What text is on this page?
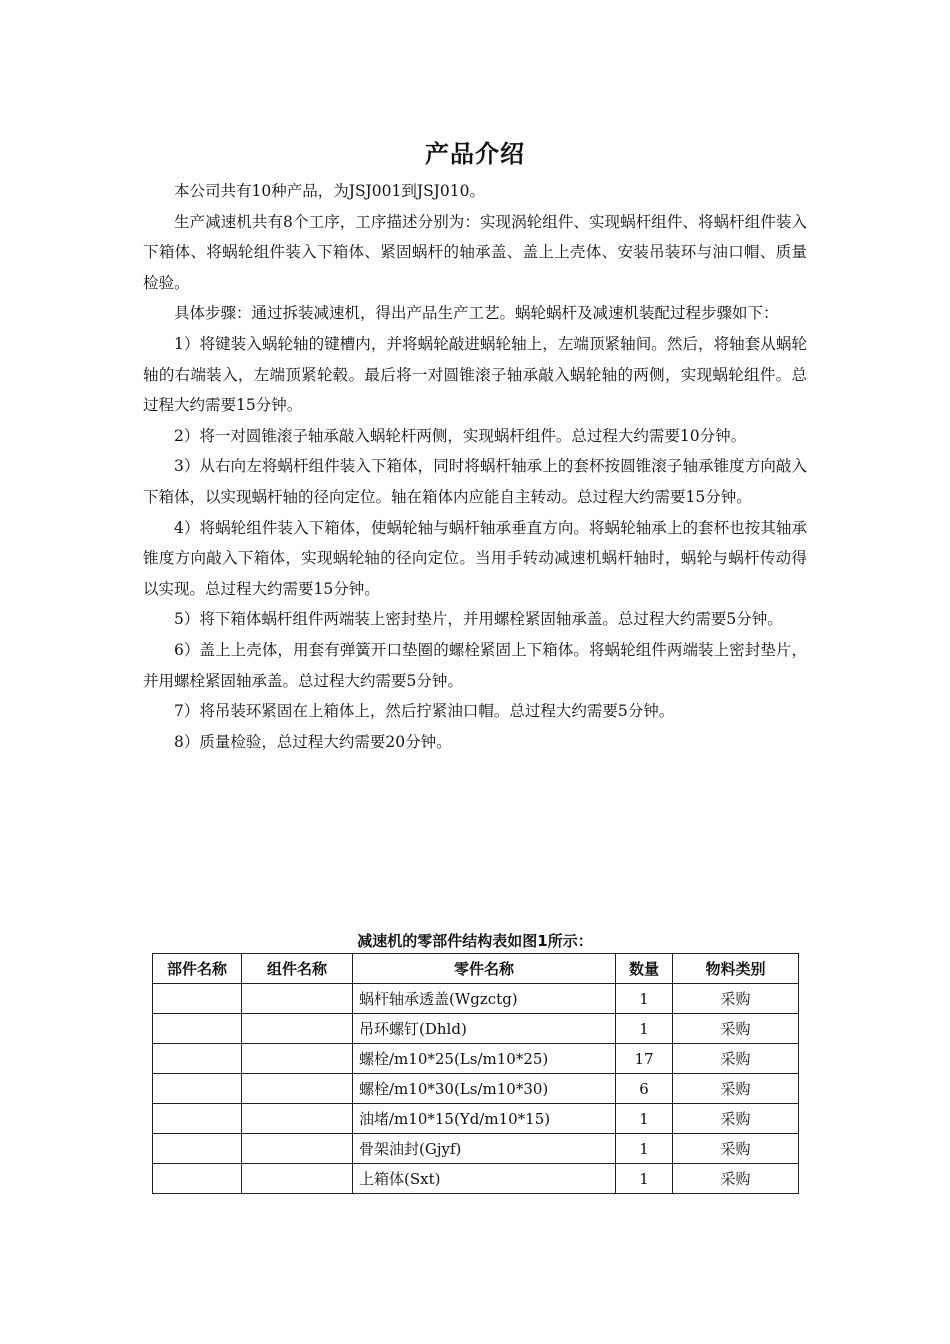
产品介绍

本公司共有10种产品，为JSJ001到JSJ010。

生产减速机共有8个工序，工序描述分别为：实现涡轮组件、实现蜗杆组件、将蜗杆组件装入下箱体、将蜗轮组件装入下箱体、紧固蜗杆的轴承盖、盖上上壳体、安装吊装环与油口帽、质量检验。

具体步骤：通过拆装减速机，得出产品生产工艺。蜗轮蜗杆及减速机装配过程步骤如下：

1）将键装入蜗轮轴的键槽内，并将蜗轮敲进蜗轮轴上，左端顶紧轴间。然后，将轴套从蜗轮轴的右端装入，左端顶紧轮毂。最后将一对圆锥滚子轴承敲入蜗轮轴的两侧，实现蜗轮组件。总过程大约需要15分钟。

2）将一对圆锥滚子轴承敲入蜗轮杆两侧，实现蜗杆组件。总过程大约需要10分钟。

3）从右向左将蜗杆组件装入下箱体，同时将蜗杆轴承上的套杯按圆锥滚子轴承锥度方向敲入下箱体，以实现蜗杆轴的径向定位。轴在箱体内应能自主转动。总过程大约需要15分钟。

4）将蜗轮组件装入下箱体，使蜗轮轴与蜗杆轴承垂直方向。将蜗轮轴承上的套杯也按其轴承锥度方向敲入下箱体，实现蜗轮轴的径向定位。当用手转动减速机蜗杆轴时，蜗轮与蜗杆传动得以实现。总过程大约需要15分钟。

5）将下箱体蜗杆组件两端装上密封垫片，并用螺栓紧固轴承盖。总过程大约需要5分钟。

6）盖上上壳体，用套有弹簧开口垫圈的螺栓紧固上下箱体。将蜗轮组件两端装上密封垫片，并用螺栓紧固轴承盖。总过程大约需要5分钟。

7）将吊装环紧固在上箱体上，然后拧紧油口帽。总过程大约需要5分钟。

8）质量检验，总过程大约需要20分钟。

减速机的零部件结构表如图1所示：
部件名称	组件名称	零件名称	数量	物料类别
		蜗杆轴承透盖(Wgzctg)	1	采购
		吊环螺钉(Dhld)	1	采购
		螺栓/m10*25(Ls/m10*25)	17	采购
		螺栓/m10*30(Ls/m10*30)	6	采购
		油堵/m10*15(Yd/m10*15)	1	采购
		骨架油封(Gjyf)	1	采购
		上箱体(Sxt)	1	采购
